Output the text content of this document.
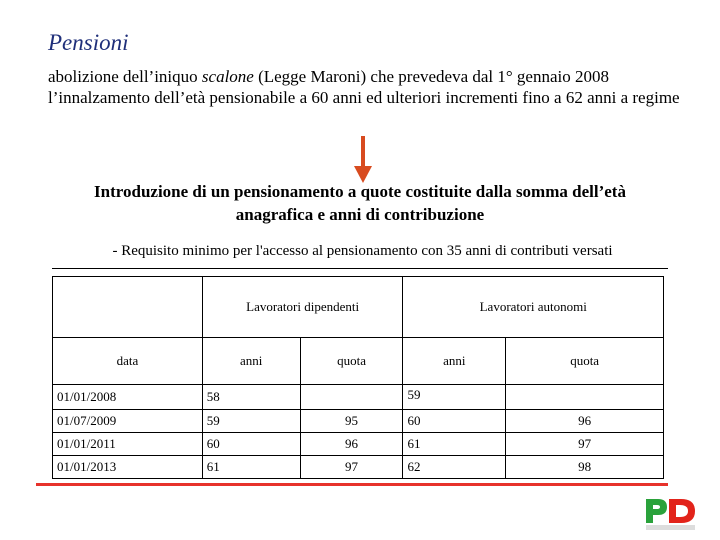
Pensioni
abolizione dell’iniquo scalone (Legge Maroni) che prevedeva dal 1° gennaio 2008 l’innalzamento dell’età pensionabile a 60 anni ed ulteriori incrementi fino a 62 anni a regime
Introduzione di un pensionamento a quote costituite dalla somma dell’età anagrafica e anni di contribuzione
- Requisito minimo per l'accesso al pensionamento con 35 anni di contributi versati
	Lavoratori dipendenti		Lavoratori autonomi	
data	anni	quota	anni	quota
01/01/2008	58		59	
01/07/2009	59	95	60	96
01/01/2011	60	96	61	97
01/01/2013	61	97	62	98
